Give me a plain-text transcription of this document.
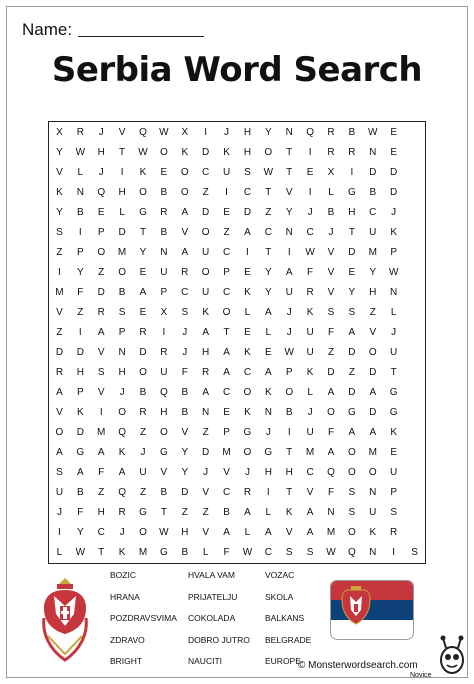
Name:
Serbia Word Search
X	R	J	V	Q	W	X	I	J	H	Y	N	Q	R	B	W	E
Y	W	H	T	W	O	K	D	K	H	O	T	I	R	R	N	E
V	L	J	I	K	E	O	C	U	S	W	T	E	X	I	D	D
K	N	Q	H	O	B	O	Z	I	C	T	V	I	L	G	B	D
Y	B	E	L	G	R	A	D	E	D	Z	Y	J	B	H	C	J
S	I	P	D	T	B	V	O	Z	A	C	N	C	J	T	U	K
Z	P	O	M	Y	N	A	U	C	I	T	I	W	V	D	M	P
I	Y	Z	O	E	U	R	O	P	E	Y	A	F	V	E	Y	W
M	F	D	B	A	P	C	U	C	K	Y	U	R	V	Y	H	N
V	Z	R	S	E	X	S	K	O	L	A	J	K	S	S	Z	L
Z	I	A	P	R	I	J	A	T	E	L	J	U	F	A	V	J
D	D	V	N	D	R	J	H	A	K	E	W	U	Z	D	O	U
R	H	S	H	O	U	F	R	A	C	A	P	K	D	Z	D	T
A	P	V	J	B	Q	B	A	C	O	K	O	L	A	D	A	G
V	K	I	O	R	H	B	N	E	K	N	B	J	O	G	D	G
O	D	M	Q	Z	O	V	Z	P	G	J	I	U	F	A	A	K
A	G	A	K	J	G	Y	D	M	O	G	T	M	A	O	M	E
S	A	F	A	U	V	Y	J	V	J	H	H	C	Q	O	O	U
U	B	Z	Q	Z	B	D	V	C	R	I	T	V	F	S	N	P
J	F	H	R	G	T	Z	Z	B	A	L	K	A	N	S	U	S
I	Y	C	J	O	W	H	V	A	L	A	V	A	M	O	K	R
L	W	T	K	M	G	B	L	F	W	C	S	S	W	Q	N	I	S
BOZIC	HVALA VAM	VOZAC
HRANA	PRIJATELJU	SKOLA
POZDRAVSVIMA	COKOLADA	BALKANS
ZDRAVO	DOBRO JUTRO	BELGRADE
BRIGHT	NAUCITI	EUROPE
© Monsterwordsearch.com
Novice
